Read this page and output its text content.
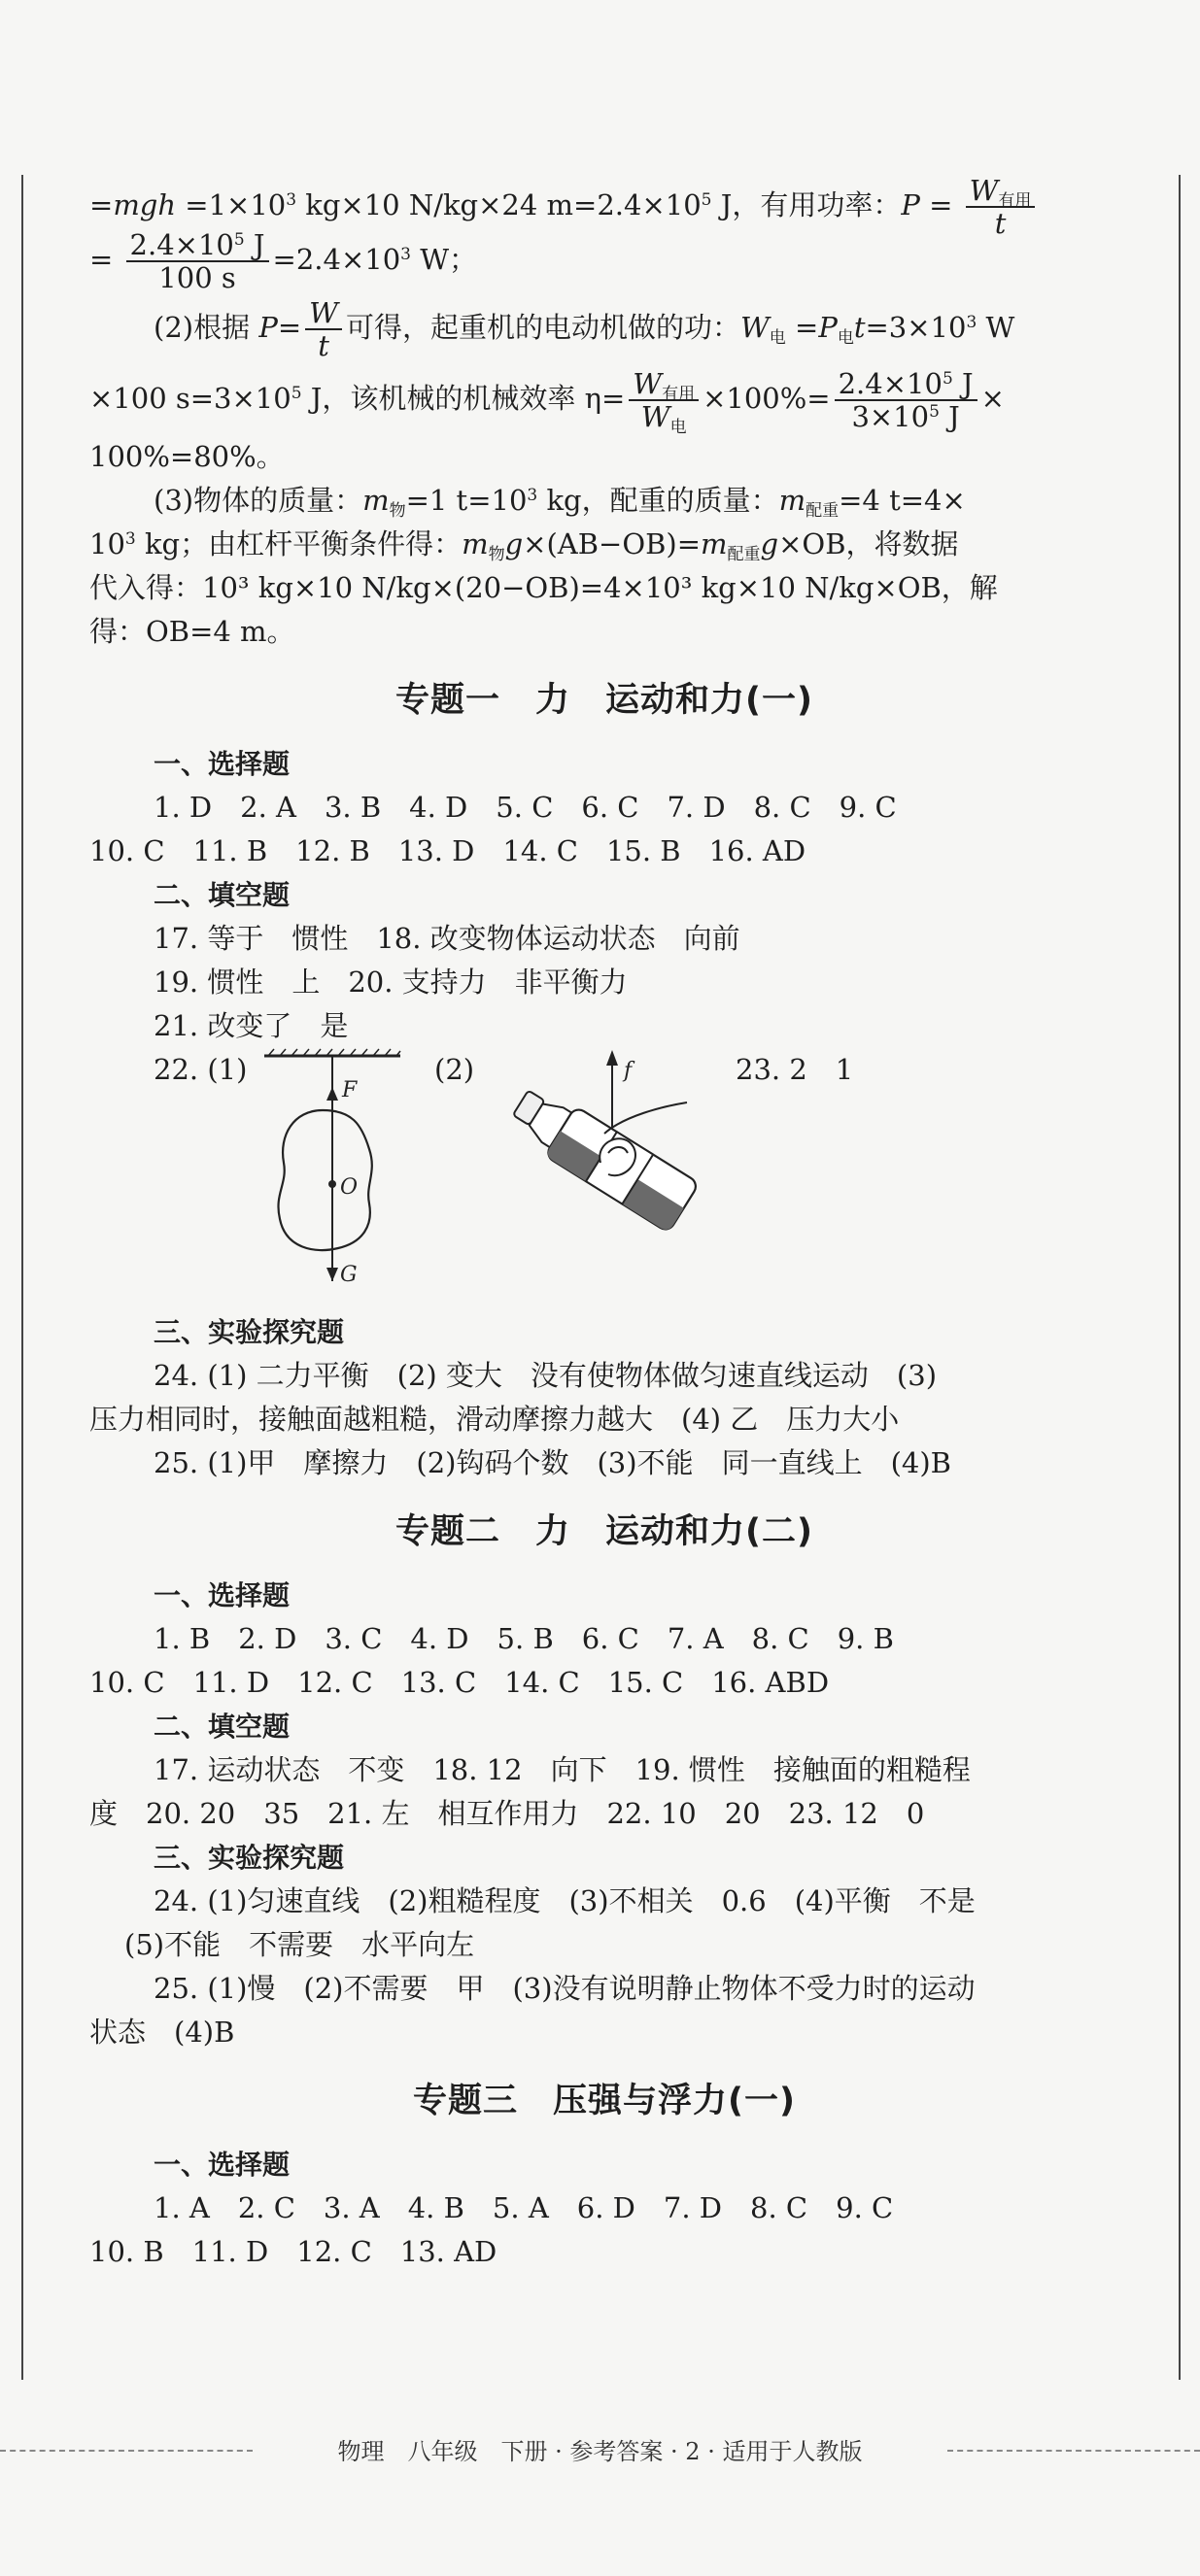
$=mgh =1\times 10^3$ kg×10 N/kg×24 $m=2.4\times 10^5$ J，有用功率：$P = \frac{W_{有用}}{t}$
= $\frac{2.4\times 10^5 J}{100 s} =2.4\times 10^3$ W；
(2)根据 $P= \frac{W}{t}$ 可得，起重机的电动机做的功：$W_电 =P_电t=3\times 10^3$ W
×100 $s=3\times 10^5$ J，该机械的机械效率 $\eta= \frac{W_{有用}}{W_电} \times 100\%= \frac{2.4\times 10^5 J}{3\times 10^5 J}$ ×
100%=80%。
(3)物体的质量：$m_物=1$ $t=10^3$ kg，配重的质量：$m_{配重}=4$ t=4×
$10^3$ kg；由杠杆平衡条件得：$m_物g\times(AB-OB)=m_{配重}g\times OB$，将数据
代入得：10³ kg×10 N/kg×(20−OB)=4×10³ kg×10 N/kg×OB，解
得：OB=4 m。
专题一　力　运动和力(一)
一、选择题
1. D　2. A　3. B　4. D　5. C　6. C　7. D　8. C　9. C
10. C　11. B　12. B　13. D　14. C　15. B　16. AD
二、填空题
17. 等于　惯性　18. 改变物体运动状态　向前
19. 惯性　上　20. 支持力　非平衡力
21. 改变了　是
22. (1)	(2)	23. 2　1
F
O
G
f
三、实验探究题
24. (1) 二力平衡　(2) 变大　没有使物体做匀速直线运动　(3)
压力相同时，接触面越粗糙，滑动摩擦力越大　(4) 乙　压力大小
25. (1)甲　摩擦力　(2)钩码个数　(3)不能　同一直线上　(4)B
专题二　力　运动和力(二)
一、选择题
1. B　2. D　3. C　4. D　5. B　6. C　7. A　8. C　9. B
10. C　11. D　12. C　13. C　14. C　15. C　16. ABD
二、填空题
17. 运动状态　不变　18. 12　向下　19. 惯性　接触面的粗糙程
度　20. 20　35　21. 左　相互作用力　22. 10　20　23. 12　0
三、实验探究题
24. (1)匀速直线　(2)粗糙程度　(3)不相关　0.6　(4)平衡　不是
(5)不能　不需要　水平向左
25. (1)慢　(2)不需要　甲　(3)没有说明静止物体不受力时的运动
状态　(4)B
专题三　压强与浮力(一)
一、选择题
1. A　2. C　3. A　4. B　5. A　6. D　7. D　8. C　9. C
10. B　11. D　12. C　13. AD
物理　八年级　下册 · 参考答案 · 2 · 适用于人教版
